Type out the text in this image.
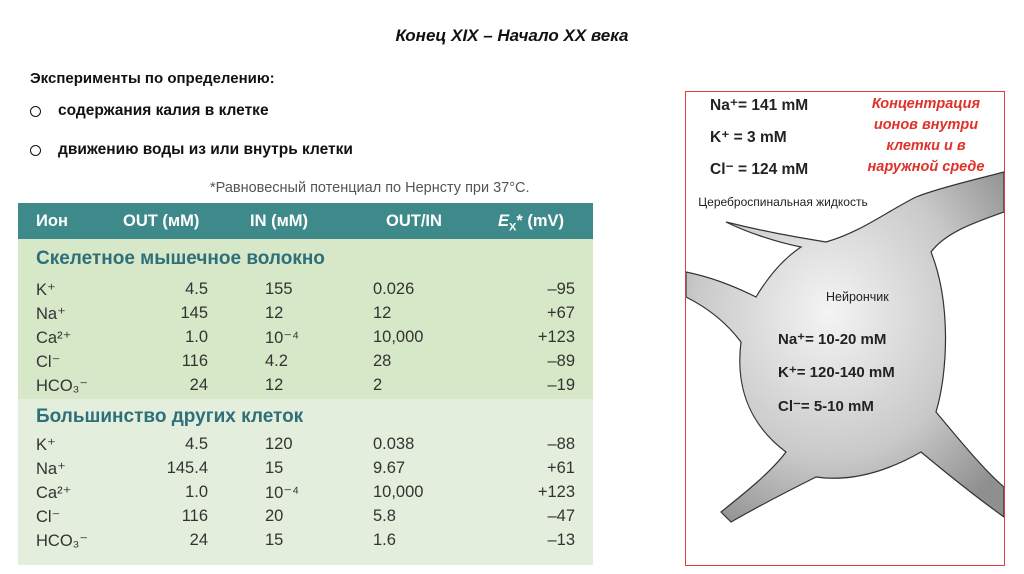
Конец XIX – Начало XX века
Эксперименты по определению:
содержания калия в клетке
движению воды из или внутрь клетки
*Равновесный потенциал по Нернсту при 37°C.
Ион	OUT (мМ)	IN (мМ)	OUT/IN	$E_X*$ (mV)
Скелетное мышечное волокно
K⁺	4.5	155	0.026	–95
Na⁺	145	12	12	+67
Ca²⁺	1.0	10⁻⁴	10,000	+123
Cl⁻	116	4.2	28	–89
HCO₃⁻	24	12	2	–19
Большинство других клеток
K⁺	4.5	120	0.038	–88
Na⁺	145.4	15	9.67	+61
Ca²⁺	1.0	10⁻⁴	10,000	+123
Cl⁻	116	20	5.8	–47
HCO₃⁻	24	15	1.6	–13
Na⁺= 141 mM
K⁺ = 3 mM
Cl⁻ = 124 mM
Концентрация ионов внутри клетки и в наружной среде
Цереброспинальная жидкость
Нейрончик
Na⁺= 10-20 mM
K⁺= 120-140 mM
Cl⁻= 5-10 mM
